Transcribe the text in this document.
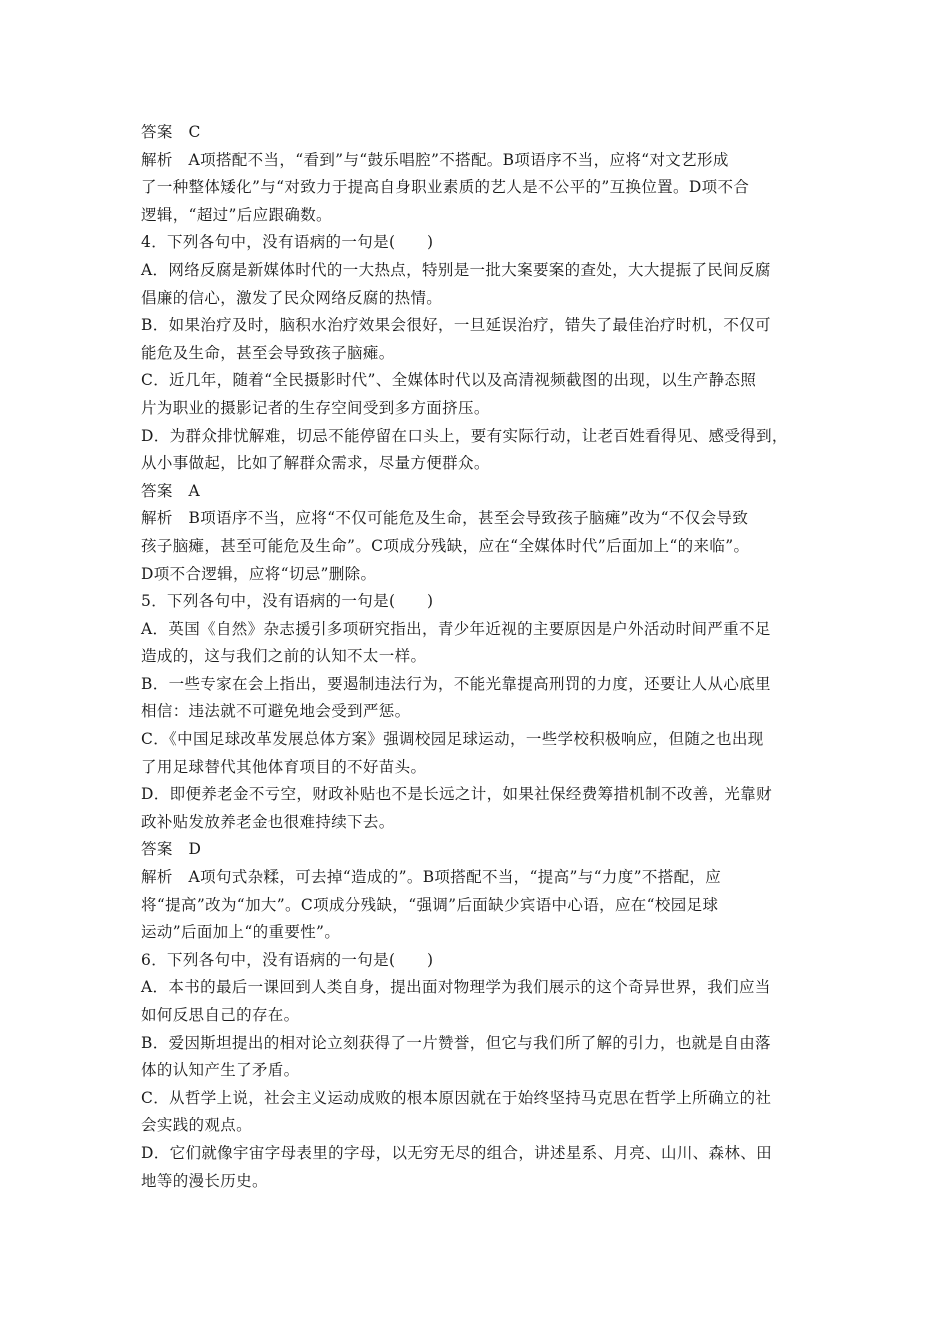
答案　C
解析　A项搭配不当，“看到”与“鼓乐唱腔”不搭配。B项语序不当，应将“对文艺形成
了一种整体矮化”与“对致力于提高自身职业素质的艺人是不公平的”互换位置。D项不合
逻辑，“超过”后应跟确数。
4．下列各句中，没有语病的一句是(　　)
A．网络反腐是新媒体时代的一大热点，特别是一批大案要案的查处，大大提振了民间反腐
倡廉的信心，激发了民众网络反腐的热情。
B．如果治疗及时，脑积水治疗效果会很好，一旦延误治疗，错失了最佳治疗时机，不仅可
能危及生命，甚至会导致孩子脑瘫。
C．近几年，随着“全民摄影时代”、全媒体时代以及高清视频截图的出现，以生产静态照
片为职业的摄影记者的生存空间受到多方面挤压。
D．为群众排忧解难，切忌不能停留在口头上，要有实际行动，让老百姓看得见、感受得到，
从小事做起，比如了解群众需求，尽量方便群众。
答案　A
解析　B项语序不当，应将“不仅可能危及生命，甚至会导致孩子脑瘫”改为“不仅会导致
孩子脑瘫，甚至可能危及生命”。C项成分残缺，应在“全媒体时代”后面加上“的来临”。
D项不合逻辑，应将“切忌”删除。
5．下列各句中，没有语病的一句是(　　)
A．英国《自然》杂志援引多项研究指出，青少年近视的主要原因是户外活动时间严重不足
造成的，这与我们之前的认知不太一样。
B．一些专家在会上指出，要遏制违法行为，不能光靠提高刑罚的力度，还要让人从心底里
相信：违法就不可避免地会受到严惩。
C．《中国足球改革发展总体方案》强调校园足球运动，一些学校积极响应，但随之也出现
了用足球替代其他体育项目的不好苗头。
D．即便养老金不亏空，财政补贴也不是长远之计，如果社保经费筹措机制不改善，光靠财
政补贴发放养老金也很难持续下去。
答案　D
解析　A项句式杂糅，可去掉“造成的”。B项搭配不当，“提高”与“力度”不搭配，应
将“提高”改为“加大”。C项成分残缺，“强调”后面缺少宾语中心语，应在“校园足球
运动”后面加上“的重要性”。
6．下列各句中，没有语病的一句是(　　)
A．本书的最后一课回到人类自身，提出面对物理学为我们展示的这个奇异世界，我们应当
如何反思自己的存在。
B．爱因斯坦提出的相对论立刻获得了一片赞誉，但它与我们所了解的引力，也就是自由落
体的认知产生了矛盾。
C．从哲学上说，社会主义运动成败的根本原因就在于始终坚持马克思在哲学上所确立的社
会实践的观点。
D．它们就像宇宙字母表里的字母，以无穷无尽的组合，讲述星系、月亮、山川、森林、田
地等的漫长历史。
